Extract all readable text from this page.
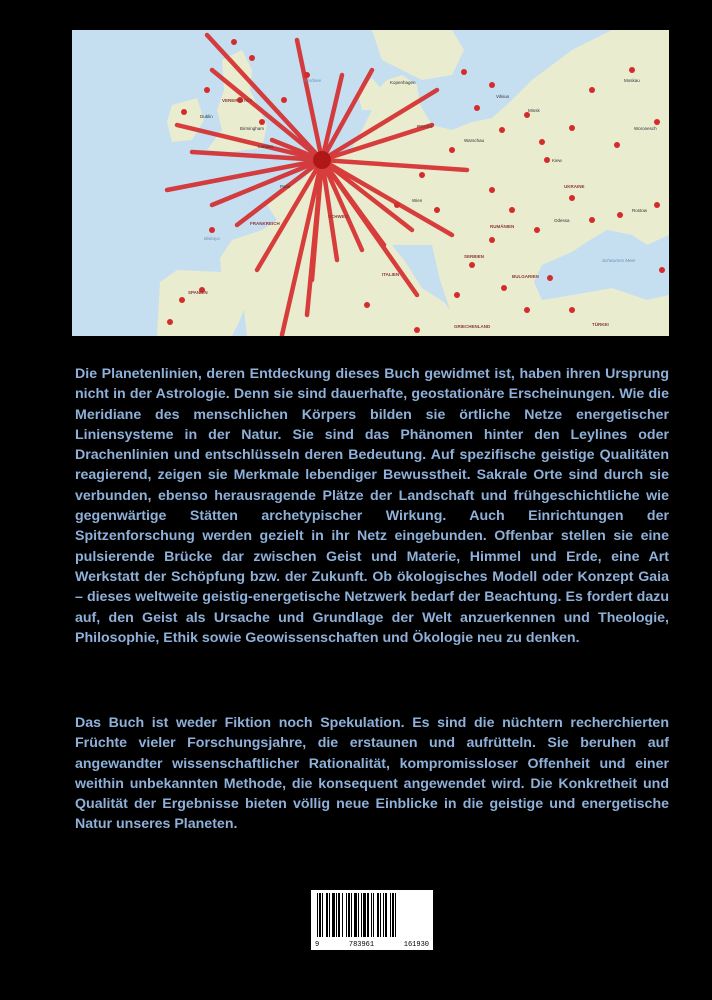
Nordsee
Biskaya
Schwarzes Meer
VEREINIGTES
Dublin
Birmingham
London
Paris
FRANKREICH
SCHWEIZ
SPANIEN
ITALIEN
POLEN
Wien
UKRAINE
RUMÄNIEN
SERBIEN
BULGARIEN
GRIECHENLAND	TÜRKEI
Kopenhagen
Vilnius
Minsk
Moskau
Kiew
Warschau
Odessa
Rostow
Woronesch

Die Planetenlinien, deren Entdeckung dieses Buch gewidmet ist, haben ihren Ursprung nicht in der Astrologie. Denn sie sind dauerhafte, geostationäre Erscheinungen. Wie die Meridiane des menschlichen Körpers bilden sie örtliche Netze energetischer Liniensysteme in der Natur. Sie sind das Phänomen hinter den Leylines oder Drachenlinien und entschlüsseln deren Bedeutung. Auf spezifische geistige Qualitäten reagierend, zeigen sie Merkmale lebendiger Bewusstheit. Sakrale Orte sind durch sie verbunden, ebenso herausragende Plätze der Landschaft und frühgeschichtliche wie gegenwärtige Stätten archetypischer Wirkung. Auch Einrichtungen der Spitzenforschung werden gezielt in ihr Netz eingebunden. Offenbar stellen sie eine pulsierende Brücke dar zwischen Geist und Materie, Himmel und Erde, eine Art Werkstatt der Schöpfung bzw. der Zukunft. Ob ökologisches Modell oder Konzept Gaia – dieses weltweite geistig-energetische Netzwerk bedarf der Beachtung. Es fordert dazu auf, den Geist als Ursache und Grundlage der Welt anzuerkennen und Theologie, Philosophie, Ethik sowie Geowissenschaften und Ökologie neu zu denken.

Das Buch ist weder Fiktion noch Spekulation. Es sind die nüchtern recherchierten Früchte vieler Forschungsjahre, die erstaunen und aufrütteln. Sie beruhen auf angewandter wissenschaftlicher Rationalität, kompromissloser Offenheit und einer weithin unbekannten Methode, die konsequent angewendet wird. Die Konkretheit und Qualität der Ergebnisse bieten völlig neue Einblicke in die geistige und energetische Natur unseres Planeten.

9	783961	161930
